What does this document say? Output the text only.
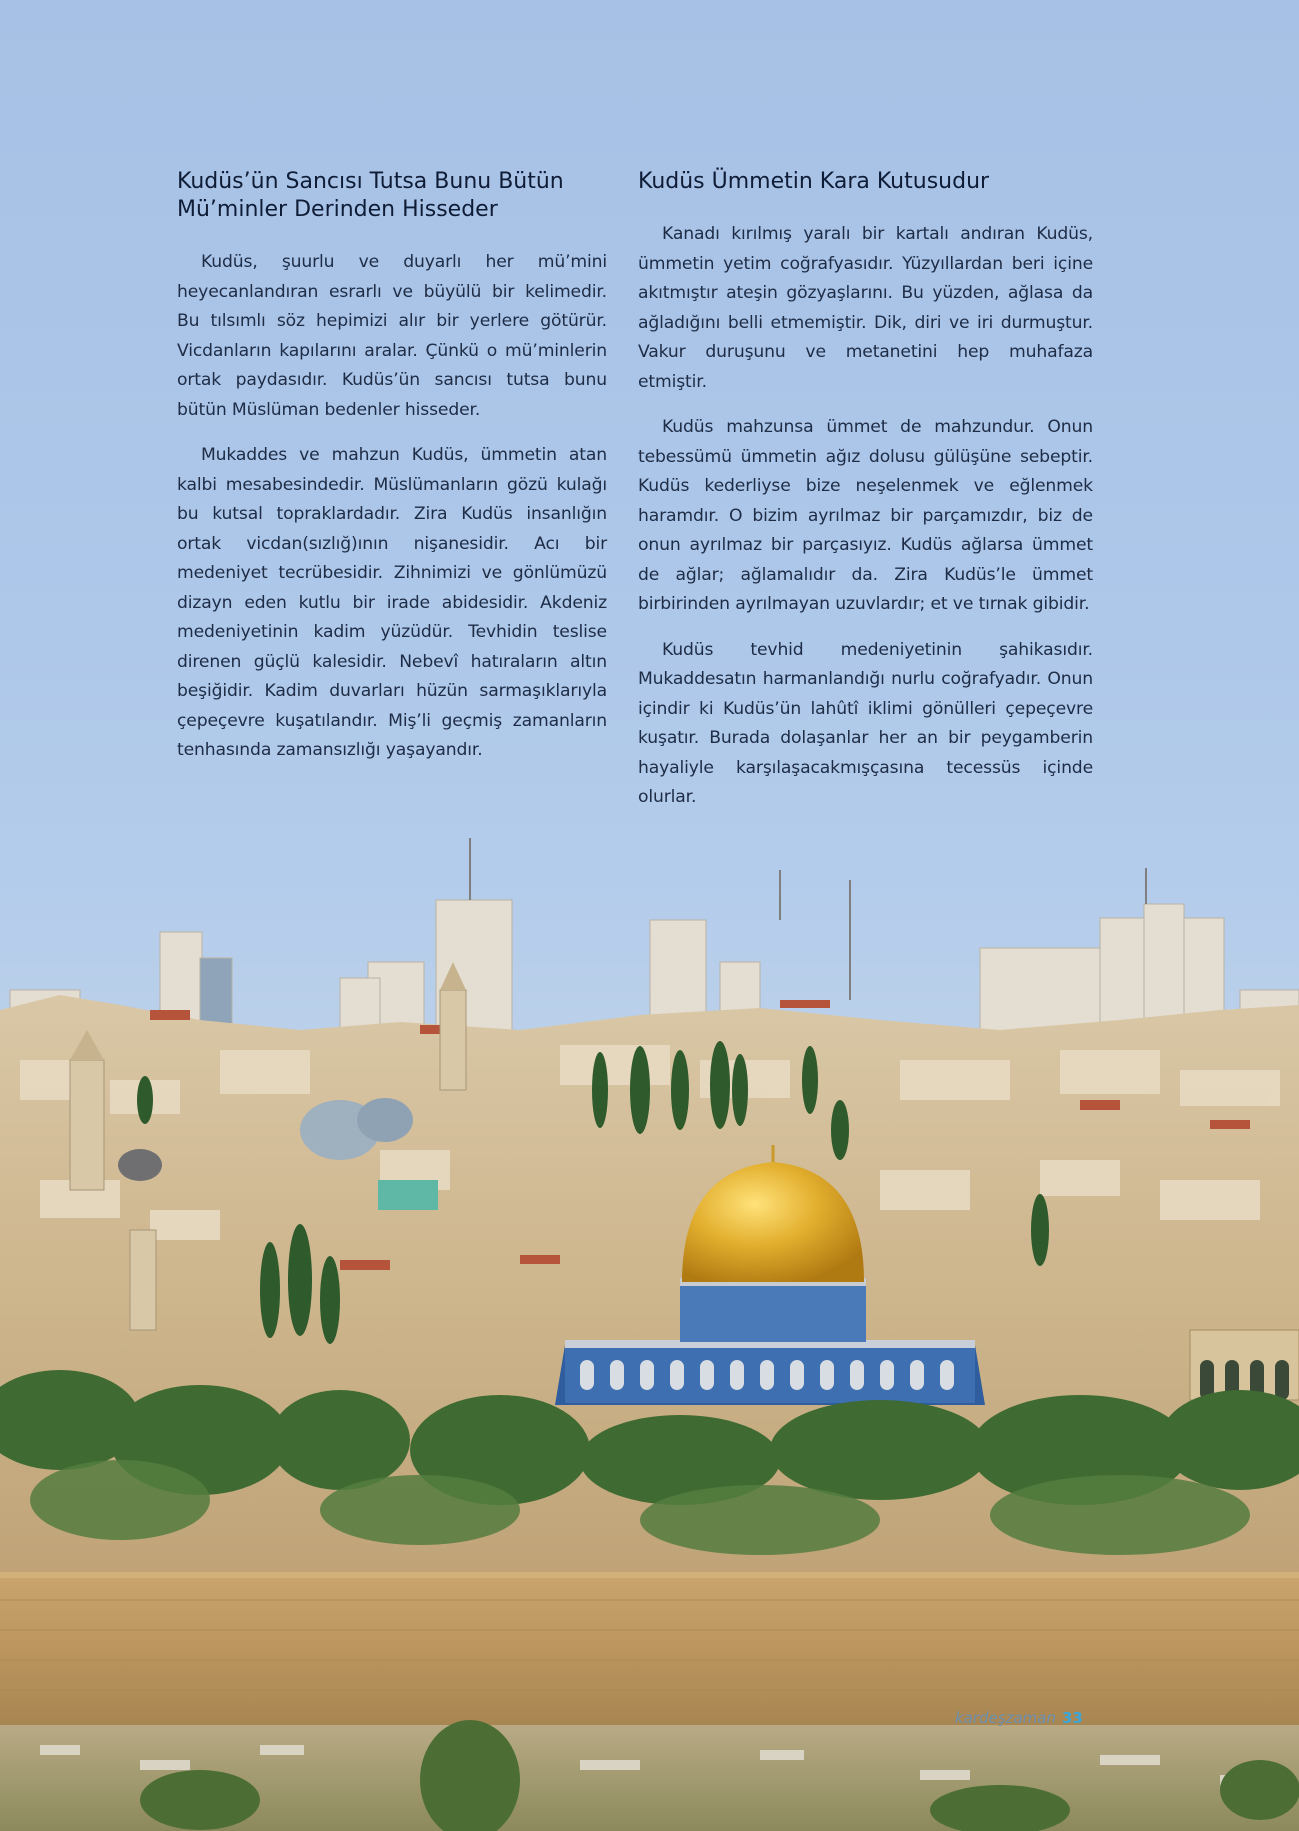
Kudüs’ün Sancısı Tutsa Bunu Bütün Mü’minler Derinden Hisseder

Kudüs, şuurlu ve duyarlı her mü’mini heyecanlandıran esrarlı ve büyülü bir kelimedir. Bu tılsımlı söz hepimizi alır bir yerlere götürür. Vicdanların kapılarını aralar. Çünkü o mü’minlerin ortak paydasıdır. Kudüs’ün sancısı tutsa bunu bütün Müslüman bedenler hisseder.

Mukaddes ve mahzun Kudüs, ümmetin atan kalbi mesabesindedir. Müslümanların gözü kulağı bu kutsal topraklardadır. Zira Kudüs insanlığın ortak vicdan(sızlığ)ının nişanesidir. Acı bir medeniyet tecrübesidir. Zihnimizi ve gönlümüzü dizayn eden kutlu bir irade abidesidir. Akdeniz medeniyetinin kadim yüzüdür. Tevhidin teslise direnen güçlü kalesidir. Nebevî hatıraların altın beşiğidir. Kadim duvarları hüzün sarmaşıklarıyla çepeçevre kuşatılandır. Miş’li geçmiş zamanların tenhasında zamansızlığı yaşayandır.

Kudüs Ümmetin Kara Kutusudur

Kanadı kırılmış yaralı bir kartalı andıran Kudüs, ümmetin yetim coğrafyasıdır. Yüzyıllardan beri içine akıtmıştır ateşin gözyaşlarını. Bu yüzden, ağlasa da ağladığını belli etmemiştir. Dik, diri ve iri durmuştur. Vakur duruşunu ve metanetini hep muhafaza etmiştir.

Kudüs mahzunsa ümmet de mahzundur. Onun tebessümü ümmetin ağız dolusu gülüşüne sebeptir. Kudüs kederliyse bize neşelenmek ve eğlenmek haramdır. O bizim ayrılmaz bir parçamızdır, biz de onun ayrılmaz bir parçasıyız. Kudüs ağlarsa ümmet de ağlar; ağlamalıdır da. Zira Kudüs’le ümmet birbirinden ayrılmayan uzuvlardır; et ve tırnak gibidir.

Kudüs tevhid medeniyetinin şahikasıdır. Mukaddesatın harmanlandığı nurlu coğrafyadır. Onun içindir ki Kudüs’ün lahûtî iklimi gönülleri çepeçevre kuşatır. Burada dolaşanlar her an bir peygamberin hayaliyle karşılaşacakmışçasına tecessüs içinde olurlar.

kardeşzaman 33
